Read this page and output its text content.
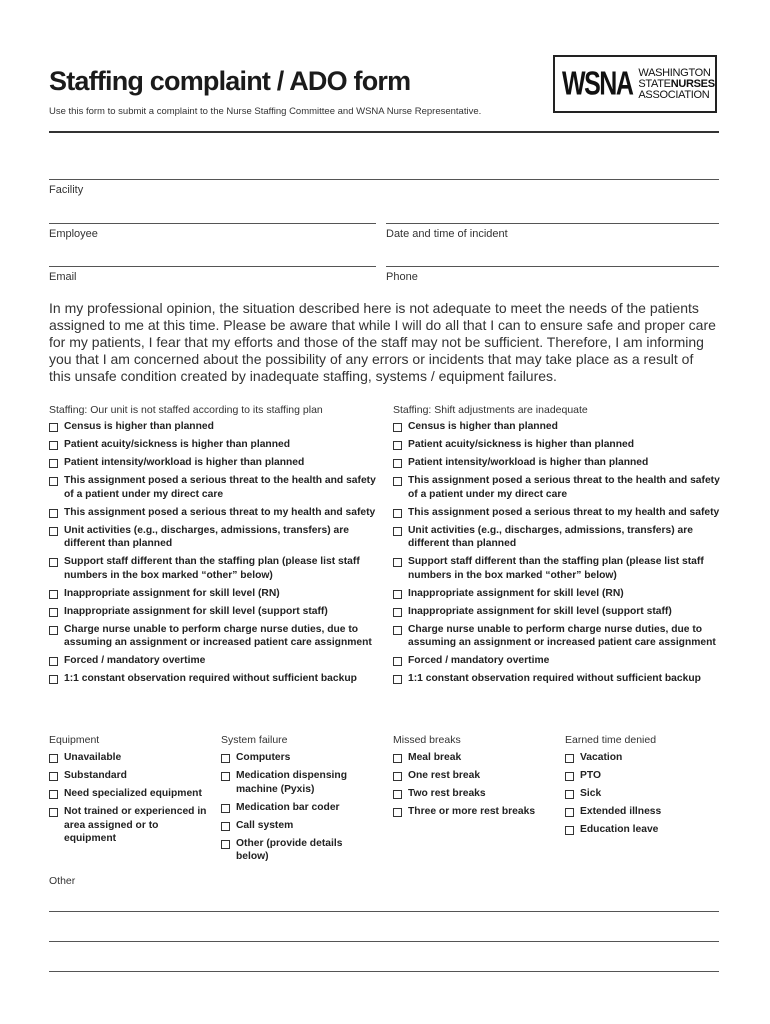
Staffing complaint / ADO form
Use this form to submit a complaint to the Nurse Staffing Committee and WSNA Nurse Representative.
WSNA WASHINGTON
STATENURSES
ASSOCIATION
Facility
Employee	Date and time of incident
Email	Phone
In my professional opinion, the situation described here is not adequate to meet the needs of the patients assigned to me at this time. Please be aware that while I will do all that I can to ensure safe and proper care for my patients, I fear that my efforts and those of the staff may not be sufficient. Therefore, I am informing you that I am concerned about the possibility of any errors or incidents that may take place as a result of this unsafe condition created by inadequate staffing, systems / equipment failures.
Staffing: Our unit is not staffed according to its staffing plan
Census is higher than planned
Patient acuity/sickness is higher than planned
Patient intensity/workload is higher than planned
This assignment posed a serious threat to the health and safety of a patient under my direct care
This assignment posed a serious threat to my health and safety
Unit activities (e.g., discharges, admissions, transfers) are different than planned
Support staff different than the staffing plan (please list staff numbers in the box marked “other” below)
Inappropriate assignment for skill level (RN)
Inappropriate assignment for skill level (support staff)
Charge nurse unable to perform charge nurse duties, due to assuming an assignment or increased patient care assignment
Forced / mandatory overtime
1:1 constant observation required without sufficient backup
Staffing: Shift adjustments are inadequate
Census is higher than planned
Patient acuity/sickness is higher than planned
Patient intensity/workload is higher than planned
This assignment posed a serious threat to the health and safety of a patient under my direct care
This assignment posed a serious threat to my health and safety
Unit activities (e.g., discharges, admissions, transfers) are different than planned
Support staff different than the staffing plan (please list staff numbers in the box marked “other” below)
Inappropriate assignment for skill level (RN)
Inappropriate assignment for skill level (support staff)
Charge nurse unable to perform charge nurse duties, due to assuming an assignment or increased patient care assignment
Forced / mandatory overtime
1:1 constant observation required without sufficient backup
Equipment
Unavailable
Substandard
Need specialized equipment
Not trained or experienced in area assigned or to equipment
System failure
Computers
Medication dispensing machine (Pyxis)
Medication bar coder
Call system
Other (provide details below)
Missed breaks
Meal break
One rest break
Two rest breaks
Three or more rest breaks
Earned time denied
Vacation
PTO
Sick
Extended illness
Education leave
Other
